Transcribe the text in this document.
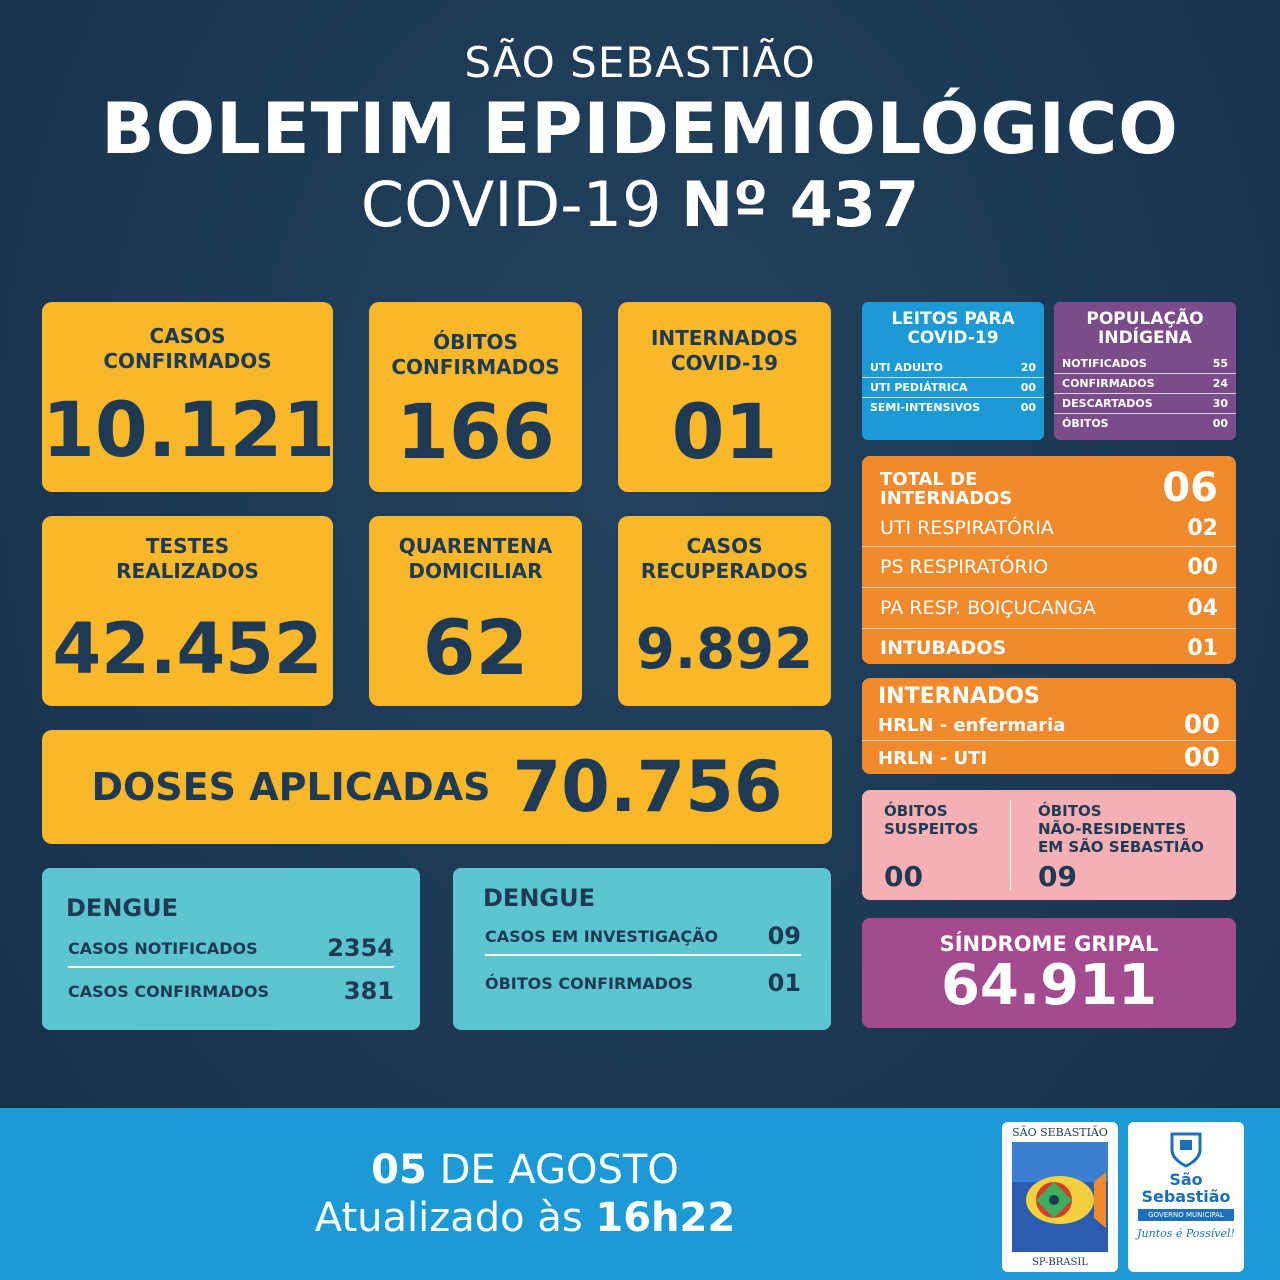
SÃO SEBASTIÃO
BOLETIM EPIDEMIOLÓGICO
COVID-19 Nº 437
CASOS
CONFIRMADOS
10.121
ÓBITOS
CONFIRMADOS
166
INTERNADOS
COVID-19
01
TESTES
REALIZADOS
42.452
QUARENTENA
DOMICILIAR
62
CASOS
RECUPERADOS
9.892
DOSES APLICADAS 70.756
LEITOS PARA
COVID-19
UTI ADULTO	20
UTI PEDIÁTRICA	00
SEMI-INTENSIVOS	00
POPULAÇÃO
INDÍGENA
NOTIFICADOS	55
CONFIRMADOS	24
DESCARTADOS	30
ÓBITOS	00
TOTAL DE
INTERNADOS	06
UTI RESPIRATÓRIA	02
PS RESPIRATÓRIO	00
PA RESP. BOIÇUCANGA	04
INTUBADOS	01
INTERNADOS
HRLN - enfermaria	00
HRLN - UTI	00
ÓBITOS
SUSPEITOS
00
ÓBITOS
NÃO-RESIDENTES
EM SÃO SEBASTIÃO
09
SÍNDROME GRIPAL
64.911
DENGUE
CASOS NOTIFICADOS	2354
CASOS CONFIRMADOS	381
DENGUE
CASOS EM INVESTIGAÇÃO 09
ÓBITOS CONFIRMADOS	01
05 DE AGOSTO
Atualizado às 16h22
SÃO SEBASTIÃO
SP-BRASIL
São
Sebastião
GOVERNO MUNICIPAL
Juntos é Possível!
